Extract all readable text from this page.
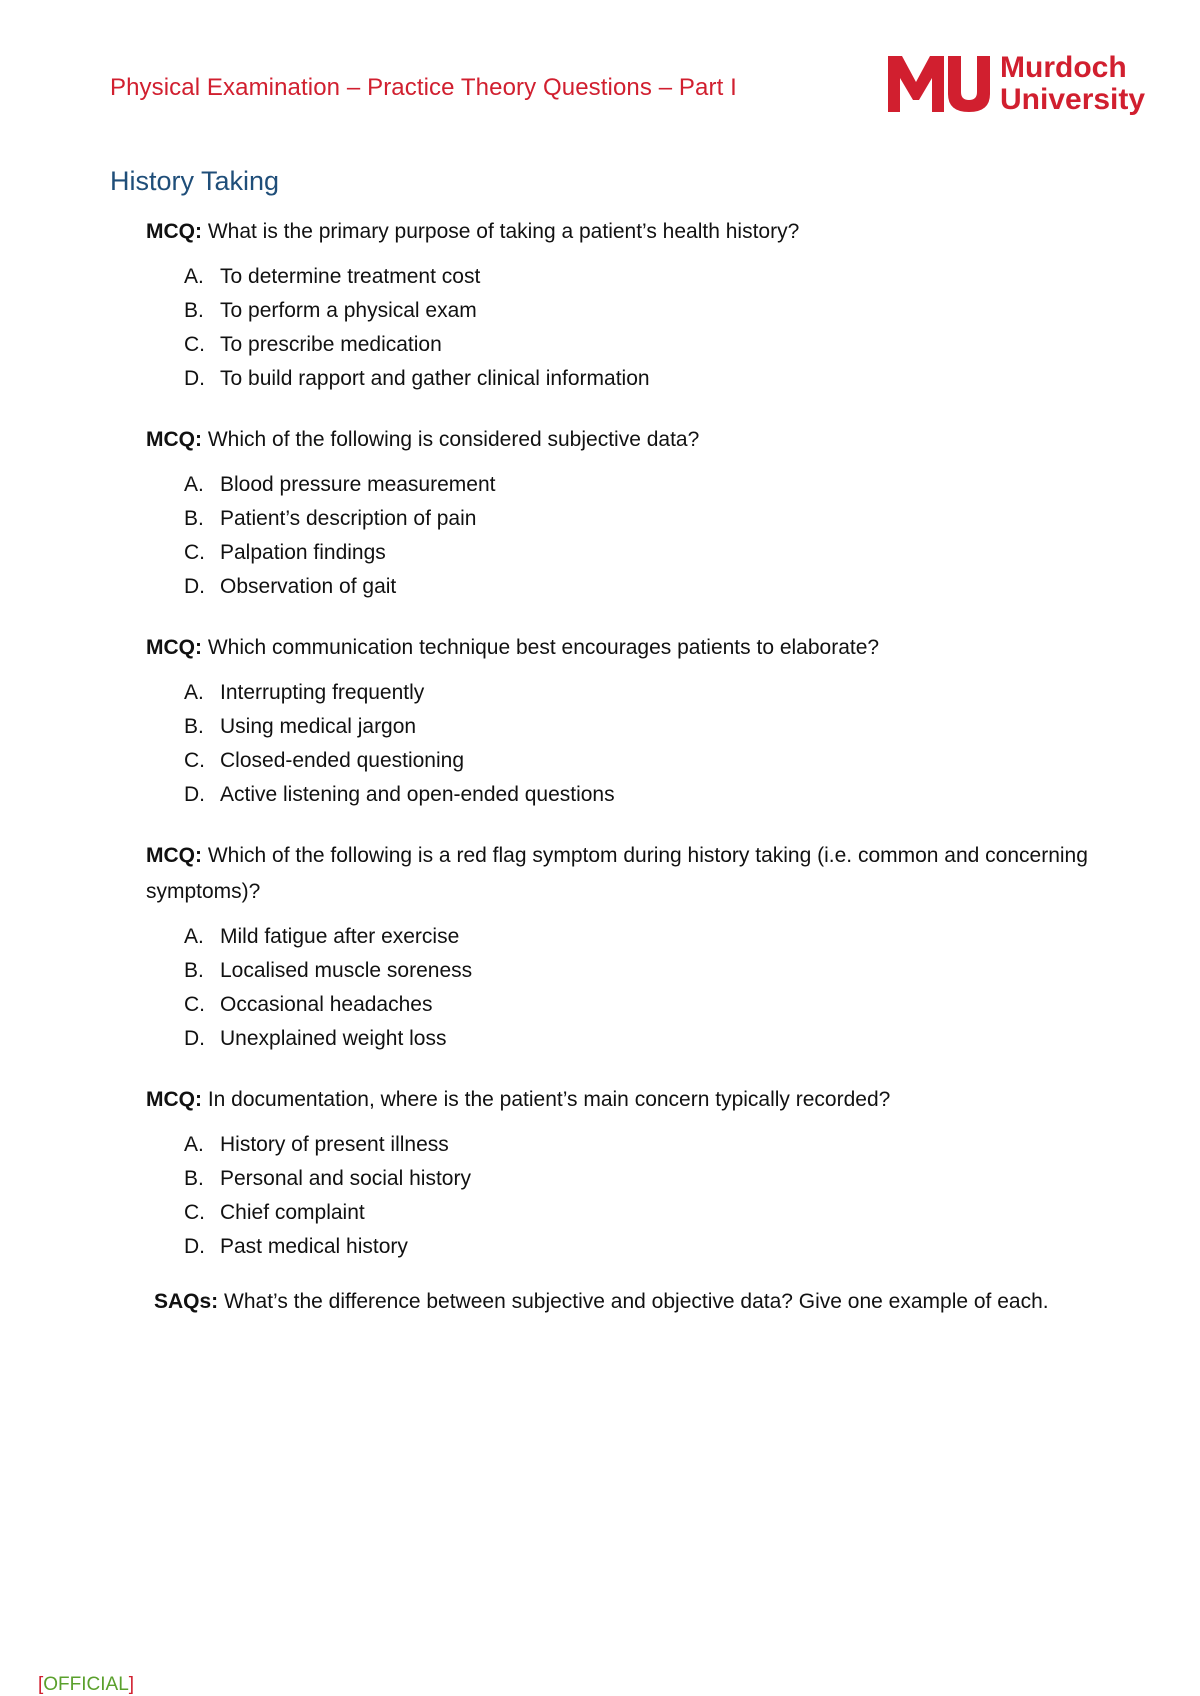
Physical Examination – Practice Theory Questions – Part I
Murdoch
University
History Taking

MCQ: What is the primary purpose of taking a patient’s health history?

A. To determine treatment cost
B. To perform a physical exam
C. To prescribe medication
D. To build rapport and gather clinical information

MCQ: Which of the following is considered subjective data?

A. Blood pressure measurement
B. Patient’s description of pain
C. Palpation findings
D. Observation of gait

MCQ: Which communication technique best encourages patients to elaborate?

A. Interrupting frequently
B. Using medical jargon
C. Closed-ended questioning
D. Active listening and open-ended questions

MCQ: Which of the following is a red flag symptom during history taking (i.e. common and concerning symptoms)?

A. Mild fatigue after exercise
B. Localised muscle soreness
C. Occasional headaches
D. Unexplained weight loss

MCQ: In documentation, where is the patient’s main concern typically recorded?

A. History of present illness
B. Personal and social history
C. Chief complaint
D. Past medical history

SAQs: What’s the difference between subjective and objective data? Give one example of each.

[OFFICIAL]
